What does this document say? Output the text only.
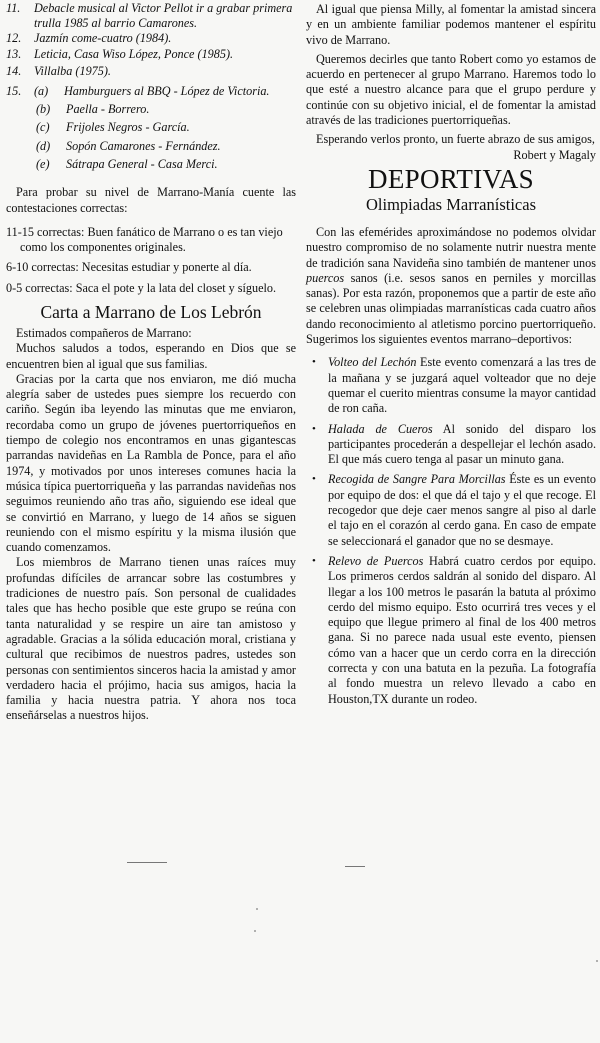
11.	Debacle musical al Victor Pellot ir a grabar primera trulla 1985 al barrio Camarones.
12.	Jazmín come-cuatro (1984).
13.	Leticia, Casa Wiso López, Ponce (1985).
14.	Villalba (1975).
15.	(a)	Hamburguers al BBQ - López de Victoria.
(b)	Paella - Borrero.
(c)	Frijoles Negros - García.
(d)	Sopón Camarones - Fernández.
(e)	Sátrapa General - Casa Merci.

Para probar su nivel de Marrano-Manía cuente las contestaciones correctas:

11-15 correctas: Buen fanático de Marrano o es tan viejo como los componentes originales.
6-10 correctas: Necesitas estudiar y ponerte al día.
0-5 correctas: Saca el pote y la lata del closet y síguelo.
Carta a Marrano de Los Lebrón

Estimados compañeros de Marrano:

Muchos saludos a todos, esperando en Dios que se encuentren bien al igual que sus familias.

Gracias por la carta que nos enviaron, me dió mucha alegría saber de ustedes pues siempre los recuerdo con cariño. Según iba leyendo las minutas que me enviaron, recordaba como un grupo de jóvenes puertorriqueños en tiempo de colegio nos encontramos en unas gigantescas parrandas navideñas en La Rambla de Ponce, para el año 1974, y motivados por unos intereses comunes hacia la música típica puertorriqueña y las parrandas navideñas nos seguimos reuniendo año tras año, siguiendo ese ideal que se convirtió en Marrano, y luego de 14 años se siguen reuniendo con el mismo espíritu y la misma ilusión que cuando comenzamos.

Los miembros de Marrano tienen unas raíces muy profundas difíciles de arrancar sobre las costumbres y tradiciones de nuestro país. Son personal de cualidades tales que has hecho posible que este grupo se reúna con tanta naturalidad y se respire un aire tan amistoso y agradable. Gracias a la sólida educación moral, cristiana y cultural que recibimos de nuestros padres, ustedes son personas con sentimientos sinceros hacia la amistad y amor verdadero hacia el prójimo, hacia sus amigos, hacia la familia y hacia nuestra patria. Y ahora nos toca enseñárselas a nuestros hijos.

Al igual que piensa Milly, al fomentar la amistad sincera y en un ambiente familiar podemos mantener el espíritu vivo de Marrano.

Queremos decirles que tanto Robert como yo estamos de acuerdo en pertenecer al grupo Marrano. Haremos todo lo que esté a nuestro alcance para que el grupo perdure y continúe con su objetivo inicial, el de fomentar la amistad através de las tradiciones puertorriqueñas.

Esperando verlos pronto, un fuerte abrazo de sus amigos,

Robert y Magaly
DEPORTIVAS
Olimpiadas Marranísticas

Con las efemérides aproximándose no podemos olvidar nuestro compromiso de no solamente nutrir nuestra mente de tradición sana Navideña sino también de mantener unos puercos sanos (i.e. sesos sanos en perniles y morcillas sanas). Por esta razón, proponemos que a partir de este año se celebren unas olimpiadas marranísticas cada cuatro años dando reconocimiento al atletismo porcino puertorriqueño. Sugerimos los siguientes eventos marrano–deportivos:

• Volteo del Lechón Este evento comenzará a las tres de la mañana y se juzgará aquel volteador que no deje quemar el cuerito mientras consume la mayor cantidad de ron caña.

• Halada de Cueros Al sonido del disparo los participantes procederán a despellejar el lechón asado. El que más cuero tenga al pasar un minuto gana.

• Recogida de Sangre Para Morcillas Éste es un evento por equipo de dos: el que dá el tajo y el que recoge. El recogedor que deje caer menos sangre al piso al darle el tajo en el corazón al cerdo gana. En caso de empate se seleccionará el ganador que no se desmaye.

• Relevo de Puercos Habrá cuatro cerdos por equipo. Los primeros cerdos saldrán al sonido del disparo. Al llegar a los 100 metros le pasarán la batuta al próximo cerdo del mismo equipo. Esto ocurrirá tres veces y el equipo que llegue primero al final de los 400 metros gana. Si no parece nada usual este evento, piensen cómo van a hacer que un cerdo corra en la dirección correcta y con una batuta en la pezuña. La fotografía al fondo muestra un relevo llevado a cabo en Houston,TX durante un rodeo.
